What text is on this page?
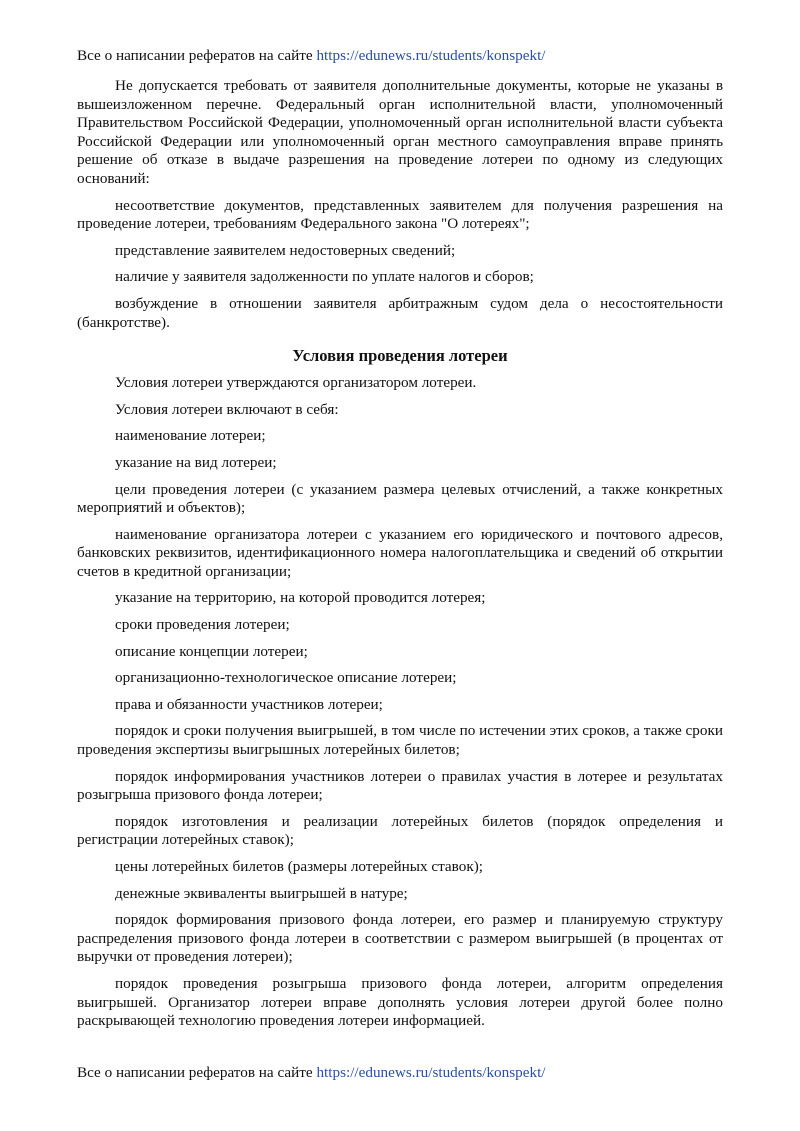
Все о написании рефератов на сайте https://edunews.ru/students/konspekt/

Не допускается требовать от заявителя дополнительные документы, которые не указаны в вышеизложенном перечне. Федеральный орган исполнительной власти, уполномоченный Правительством Российской Федерации, уполномоченный орган исполнительной власти субъекта Российской Федерации или уполномоченный орган местного самоуправления вправе принять решение об отказе в выдаче разрешения на проведение лотереи по одному из следующих оснований:

несоответствие документов, представленных заявителем для получения разрешения на проведение лотереи, требованиям Федерального закона "О лотереях";

представление заявителем недостоверных сведений;

наличие у заявителя задолженности по уплате налогов и сборов;

возбуждение в отношении заявителя арбитражным судом дела о несостоятельности (банкротстве).

Условия проведения лотереи

Условия лотереи утверждаются организатором лотереи.

Условия лотереи включают в себя:

наименование лотереи;

указание на вид лотереи;

цели проведения лотереи (с указанием размера целевых отчислений, а также конкретных мероприятий и объектов);

наименование организатора лотереи с указанием его юридического и почтового адресов, банковских реквизитов, идентификационного номера налогоплательщика и сведений об открытии счетов в кредитной организации;

указание на территорию, на которой проводится лотерея;

сроки проведения лотереи;

описание концепции лотереи;

организационно-технологическое описание лотереи;

права и обязанности участников лотереи;

порядок и сроки получения выигрышей, в том числе по истечении этих сроков, а также сроки проведения экспертизы выигрышных лотерейных билетов;

порядок информирования участников лотереи о правилах участия в лотерее и результатах розыгрыша призового фонда лотереи;

порядок изготовления и реализации лотерейных билетов (порядок определения и регистрации лотерейных ставок);

цены лотерейных билетов (размеры лотерейных ставок);

денежные эквиваленты выигрышей в натуре;

порядок формирования призового фонда лотереи, его размер и планируемую структуру распределения призового фонда лотереи в соответствии с размером выигрышей (в процентах от выручки от проведения лотереи);

порядок проведения розыгрыша призового фонда лотереи, алгоритм определения выигрышей. Организатор лотереи вправе дополнять условия лотереи другой более полно раскрывающей технологию проведения лотереи информацией.

Все о написании рефератов на сайте https://edunews.ru/students/konspekt/
